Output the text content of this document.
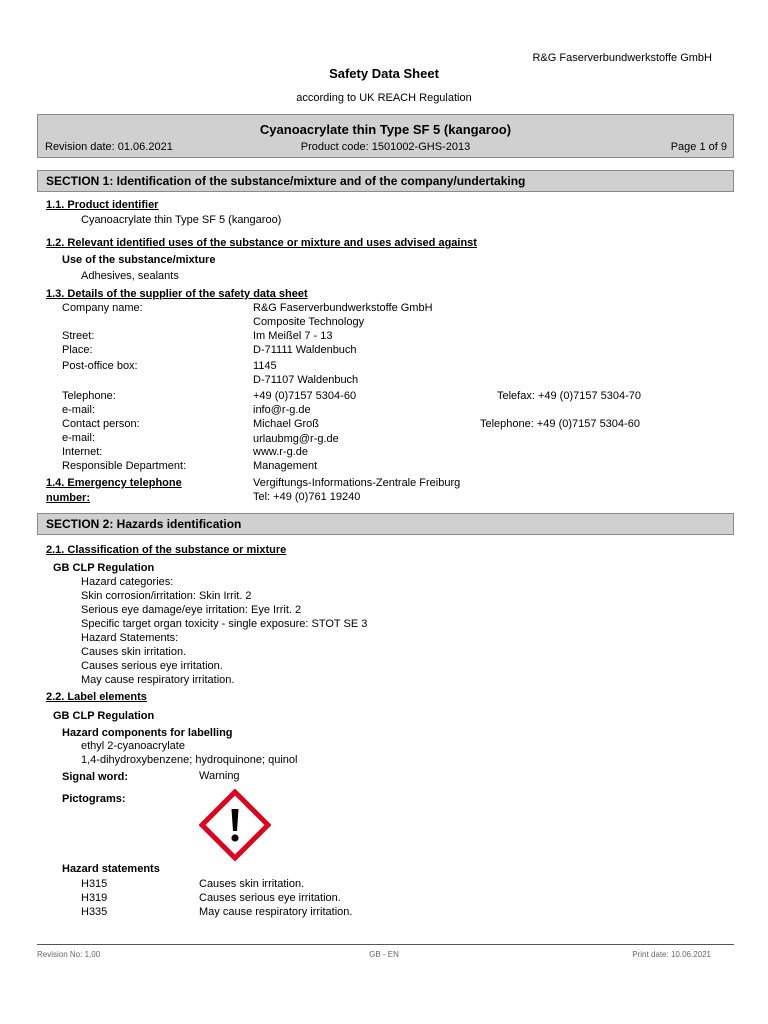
R&G Faserverbundwerkstoffe GmbH
Safety Data Sheet
according to UK REACH Regulation
Cyanoacrylate thin Type SF 5 (kangaroo)
Revision date: 01.06.2021	Product code: 1501002-GHS-2013	Page 1 of 9
SECTION 1: Identification of the substance/mixture and of the company/undertaking
1.1. Product identifier
Cyanoacrylate thin Type SF 5 (kangaroo)
1.2. Relevant identified uses of the substance or mixture and uses advised against
Use of the substance/mixture
Adhesives, sealants
1.3. Details of the supplier of the safety data sheet
Company name:	R&G Faserverbundwerkstoffe GmbH
Composite Technology
Street:	Im Meißel 7 - 13
Place:	D-71111 Waldenbuch
Post-office box:	1145
D-71107 Waldenbuch
Telephone:	+49 (0)7157 5304-60	Telefax: +49 (0)7157 5304-70
e-mail:	info@r-g.de
Contact person:	Michael Groß	Telephone: +49 (0)7157 5304-60
e-mail:	urlaubmg@r-g.de
Internet:	www.r-g.de
Responsible Department:	Management
1.4. Emergency telephone
number:
Vergiftungs-Informations-Zentrale Freiburg
Tel: +49 (0)761 19240
SECTION 2: Hazards identification
2.1. Classification of the substance or mixture
GB CLP Regulation
Hazard categories:
Skin corrosion/irritation: Skin Irrit. 2
Serious eye damage/eye irritation: Eye Irrit. 2
Specific target organ toxicity - single exposure: STOT SE 3
Hazard Statements:
Causes skin irritation.
Causes serious eye irritation.
May cause respiratory irritation.
2.2. Label elements
GB CLP Regulation
Hazard components for labelling
ethyl 2-cyanoacrylate
1,4-dihydroxybenzene; hydroquinone; quinol
Signal word:	Warning
Pictograms:
Hazard statements
H315	Causes skin irritation.
H319	Causes serious eye irritation.
H335	May cause respiratory irritation.
Revision No: 1,00	GB - EN	Print date: 10.06.2021
